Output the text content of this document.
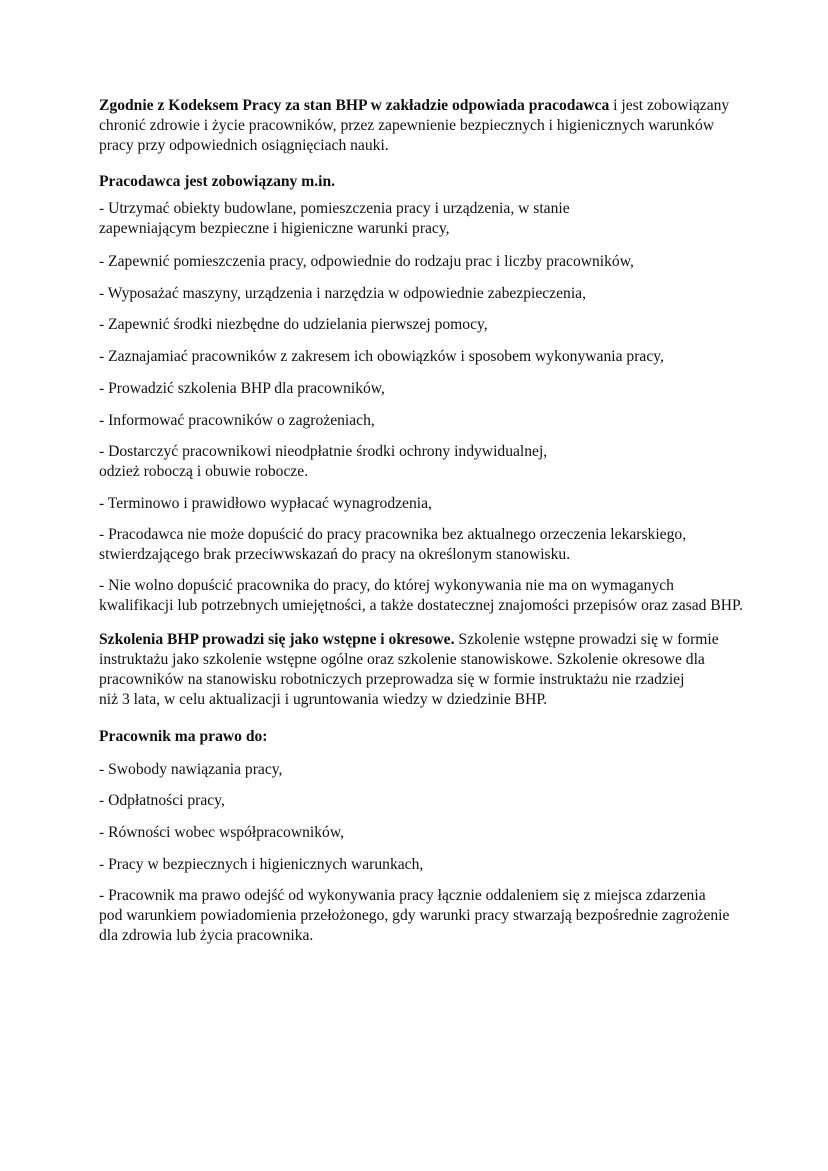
Zgodnie z Kodeksem Pracy za stan BHP w zakładzie odpowiada pracodawca i jest zobowiązany
chronić zdrowie i życie pracowników, przez zapewnienie bezpiecznych i higienicznych warunków
pracy przy odpowiednich osiągnięciach nauki.
Pracodawca jest zobowiązany m.in.
- Utrzymać obiekty budowlane, pomieszczenia pracy i urządzenia, w stanie
zapewniającym bezpieczne i higieniczne warunki pracy,
- Zapewnić pomieszczenia pracy, odpowiednie do rodzaju prac i liczby pracowników,
- Wyposażać maszyny, urządzenia i narzędzia w odpowiednie zabezpieczenia,
- Zapewnić środki niezbędne do udzielania pierwszej pomocy,
- Zaznajamiać pracowników z zakresem ich obowiązków i sposobem wykonywania pracy,
- Prowadzić szkolenia BHP dla pracowników,
- Informować pracowników o zagrożeniach,
- Dostarczyć pracownikowi nieodpłatnie środki ochrony indywidualnej,
odzież roboczą i obuwie robocze.
- Terminowo i prawidłowo wypłacać wynagrodzenia,
- Pracodawca nie może dopuścić do pracy pracownika bez aktualnego orzeczenia lekarskiego,
stwierdzającego brak przeciwwskazań do pracy na określonym stanowisku.
- Nie wolno dopuścić pracownika do pracy, do której wykonywania nie ma on wymaganych
kwalifikacji lub potrzebnych umiejętności, a także dostatecznej znajomości przepisów oraz zasad BHP.
Szkolenia BHP prowadzi się jako wstępne i okresowe. Szkolenie wstępne prowadzi się w formie
instruktażu jako szkolenie wstępne ogólne oraz szkolenie stanowiskowe. Szkolenie okresowe dla
pracowników na stanowisku robotniczych przeprowadza się w formie instruktażu nie rzadziej
niż 3 lata, w celu aktualizacji i ugruntowania wiedzy w dziedzinie BHP.
Pracownik ma prawo do:
- Swobody nawiązania pracy,
- Odpłatności pracy,
- Równości wobec współpracowników,
- Pracy w bezpiecznych i higienicznych warunkach,
- Pracownik ma prawo odejść od wykonywania pracy łącznie oddaleniem się z miejsca zdarzenia
pod warunkiem powiadomienia przełożonego, gdy warunki pracy stwarzają bezpośrednie zagrożenie
dla zdrowia lub życia pracownika.
